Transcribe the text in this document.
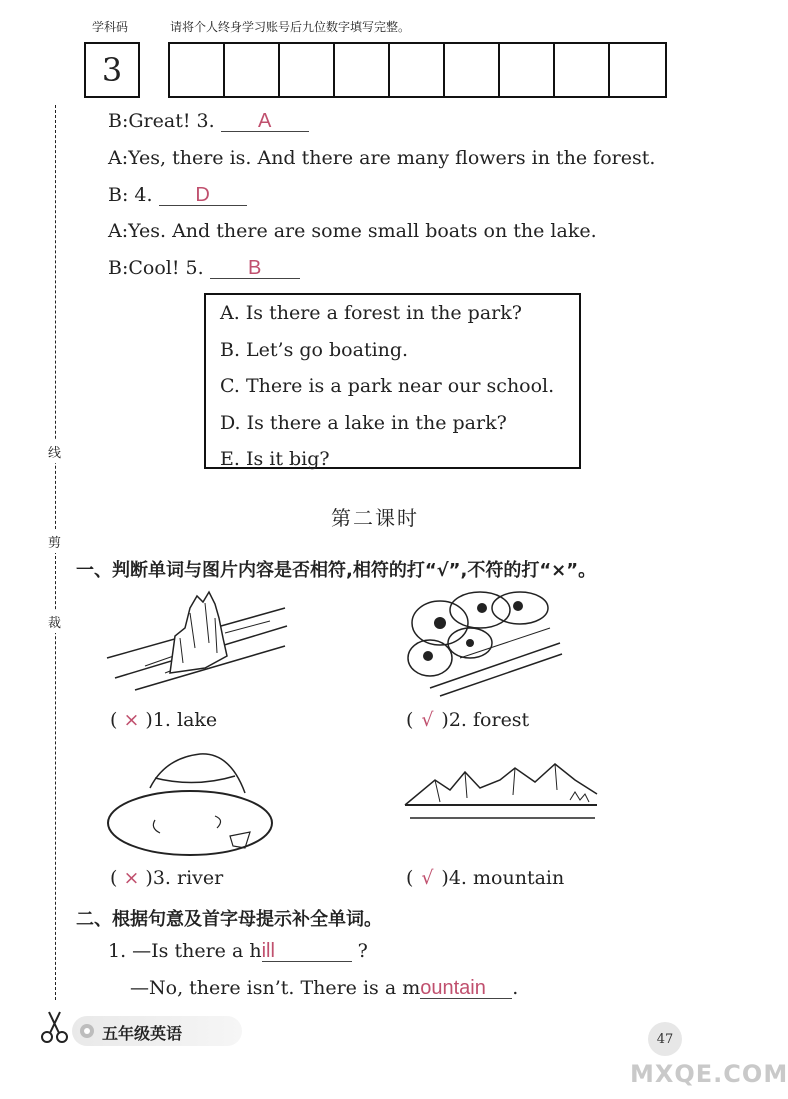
学科码	请将个人终身学习账号后九位数字填写完整。
3
线
剪
裁
B:Great! 3. A
A:Yes, there is. And there are many flowers in the forest.
B: 4. D
A:Yes. And there are some small boats on the lake.
B:Cool! 5. B
A. Is there a forest in the park?
B. Let’s go boating.
C. There is a park near our school.
D. Is there a lake in the park?
E. Is it big?
第二课时
一、判断单词与图片内容是否相符,相符的打“√”,不符的打“×”。
( × )1. lake	( √ )2. forest
( × )3. river	( √ )4. mountain
二、根据句意及首字母提示补全单词。
1. —Is there a hill	?
—No, there isn’t. There is a mountain .
五年级英语	47
MXQE.COM
